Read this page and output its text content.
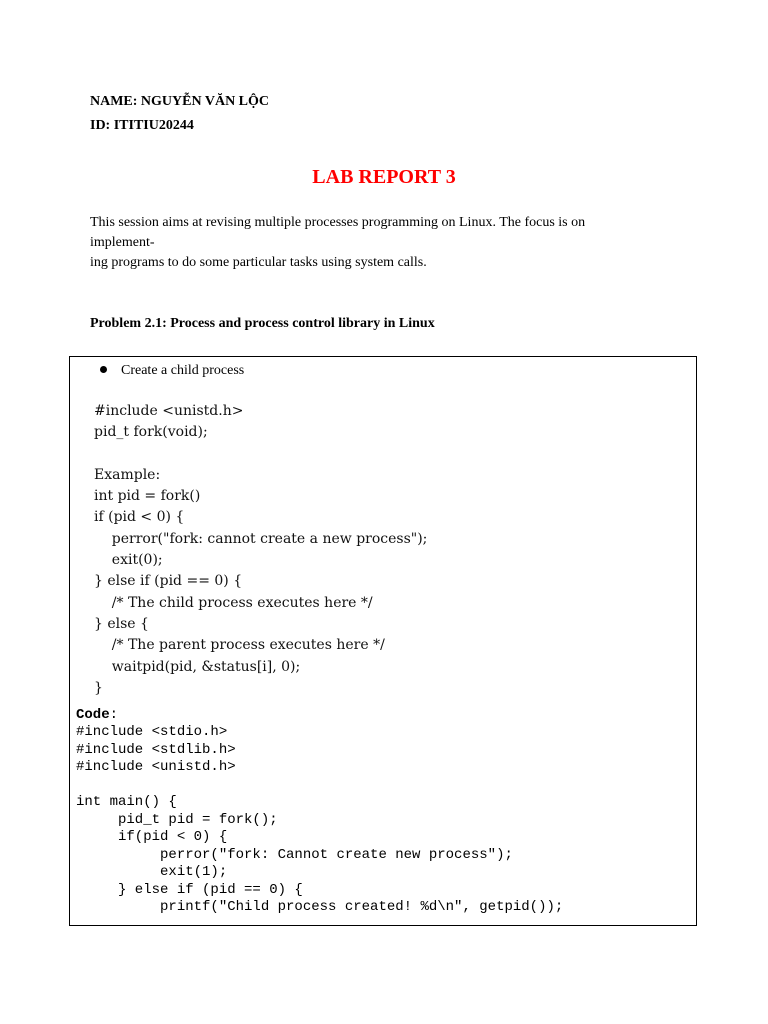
NAME: NGUYỄN VĂN LỘC
ID: ITITIU20244
LAB REPORT 3
This session aims at revising multiple processes programming on Linux. The focus is on
implement-
ing programs to do some particular tasks using system calls.
Problem 2.1: Process and process control library in Linux
Create a child process
#include <unistd.h>
pid_t fork(void);

Example:
int pid = fork()
if (pid < 0) {
perror("fork: cannot create a new process");
exit(0);
} else if (pid == 0) {
/* The child process executes here */
} else {
/* The parent process executes here */
waitpid(pid, &status[i], 0);
}
Code:
#include <stdio.h>
#include <stdlib.h>
#include <unistd.h>

int main() {
pid_t pid = fork();
if(pid < 0) {
perror("fork: Cannot create new process");
exit(1);
} else if (pid == 0) {
printf("Child process created! %d\n", getpid());
